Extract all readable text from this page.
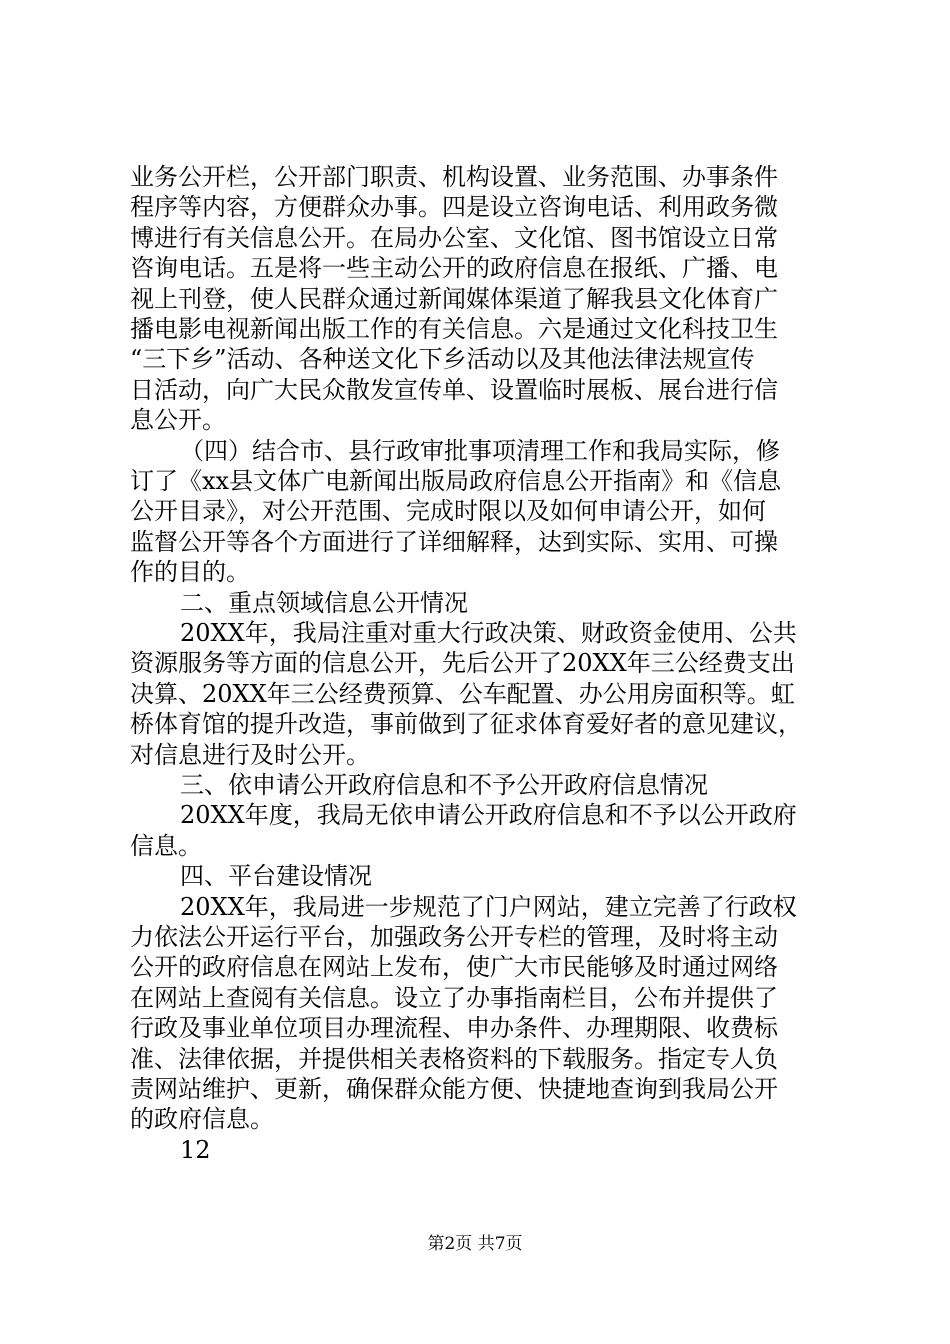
业务公开栏，公开部门职责、机构设置、业务范围、办事条件
程序等内容，方便群众办事。四是设立咨询电话、利用政务微
博进行有关信息公开。在局办公室、文化馆、图书馆设立日常
咨询电话。五是将一些主动公开的政府信息在报纸、广播、电
视上刊登，使人民群众通过新闻媒体渠道了解我县文化体育广
播电影电视新闻出版工作的有关信息。六是通过文化科技卫生
“三下乡”活动、各种送文化下乡活动以及其他法律法规宣传
日活动，向广大民众散发宣传单、设置临时展板、展台进行信
息公开。
（四）结合市、县行政审批事项清理工作和我局实际，修
订了《xx县文体广电新闻出版局政府信息公开指南》和《信息
公开目录》，对公开范围、完成时限以及如何申请公开，如何
监督公开等各个方面进行了详细解释，达到实际、实用、可操
作的目的。
二、重点领域信息公开情况
20XX年，我局注重对重大行政决策、财政资金使用、公共
资源服务等方面的信息公开，先后公开了20XX年三公经费支出
决算、20XX年三公经费预算、公车配置、办公用房面积等。虹
桥体育馆的提升改造，事前做到了征求体育爱好者的意见建议，
对信息进行及时公开。
三、依申请公开政府信息和不予公开政府信息情况
20XX年度，我局无依申请公开政府信息和不予以公开政府
信息。
四、平台建设情况
20XX年，我局进一步规范了门户网站，建立完善了行政权
力依法公开运行平台，加强政务公开专栏的管理，及时将主动
公开的政府信息在网站上发布，使广大市民能够及时通过网络
在网站上查阅有关信息。设立了办事指南栏目，公布并提供了
行政及事业单位项目办理流程、申办条件、办理期限、收费标
准、法律依据，并提供相关表格资料的下载服务。指定专人负
责网站维护、更新，确保群众能方便、快捷地查询到我局公开
的政府信息。
12
第2页 共7页
